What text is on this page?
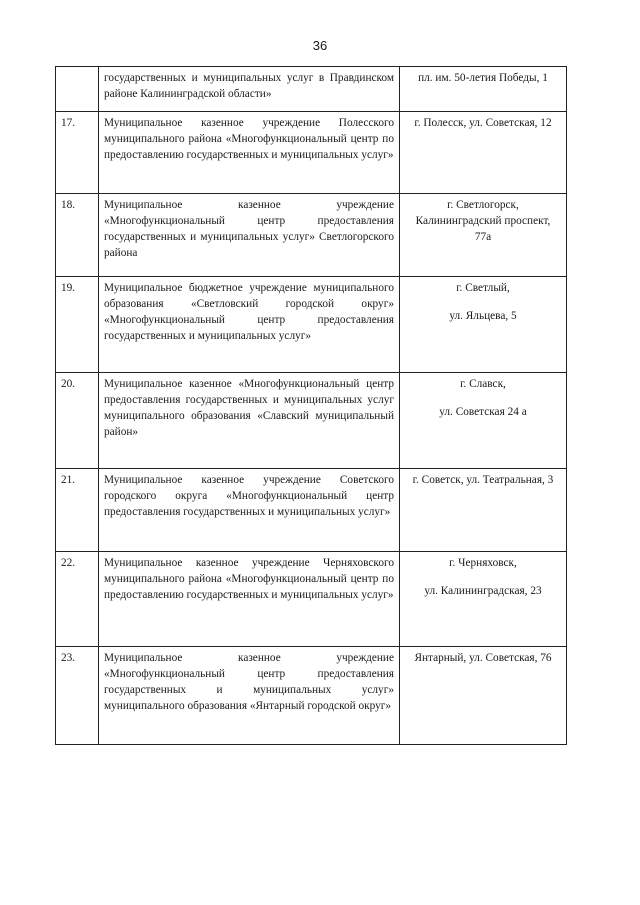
36
	государственных и муниципальных услуг в Правдинском районе Калининградской области»	пл. им. 50-летия Победы, 1

17.	Муниципальное казенное учреждение Полесского муниципального района «Многофункциональный центр по предоставлению государственных и муниципальных услуг»	г. Полесск, ул. Советская, 12

18.	Муниципальное казенное учреждение «Многофункциональный центр предоставления государственных и муниципальных услуг» Светлогорского района	г. Светлогорск,
Калининградский проспект,
77а

19.	Муниципальное бюджетное учреждение муниципального образования «Светловский городской округ» «Многофункциональный центр предоставления государственных и муниципальных услуг»	г. Светлый,
ул. Яльцева, 5

20.	Муниципальное казенное «Многофункциональный центр предоставления государственных и муниципальных услуг муниципального образования «Славский муниципальный район»	г. Славск,
ул. Советская 24 а

21.	Муниципальное казенное учреждение Советского городского округа «Многофункциональный центр предоставления государственных и муниципальных услуг»	г. Советск, ул. Театральная, 3

22.	Муниципальное казенное учреждение Черняховского муниципального района «Многофункциональный центр по предоставлению государственных и муниципальных услуг»	г. Черняховск,
ул. Калининградская, 23

23.	Муниципальное казенное учреждение «Многофункциональный центр предоставления государственных и муниципальных услуг» муниципального образования «Янтарный городской округ»	Янтарный, ул. Советская, 76
